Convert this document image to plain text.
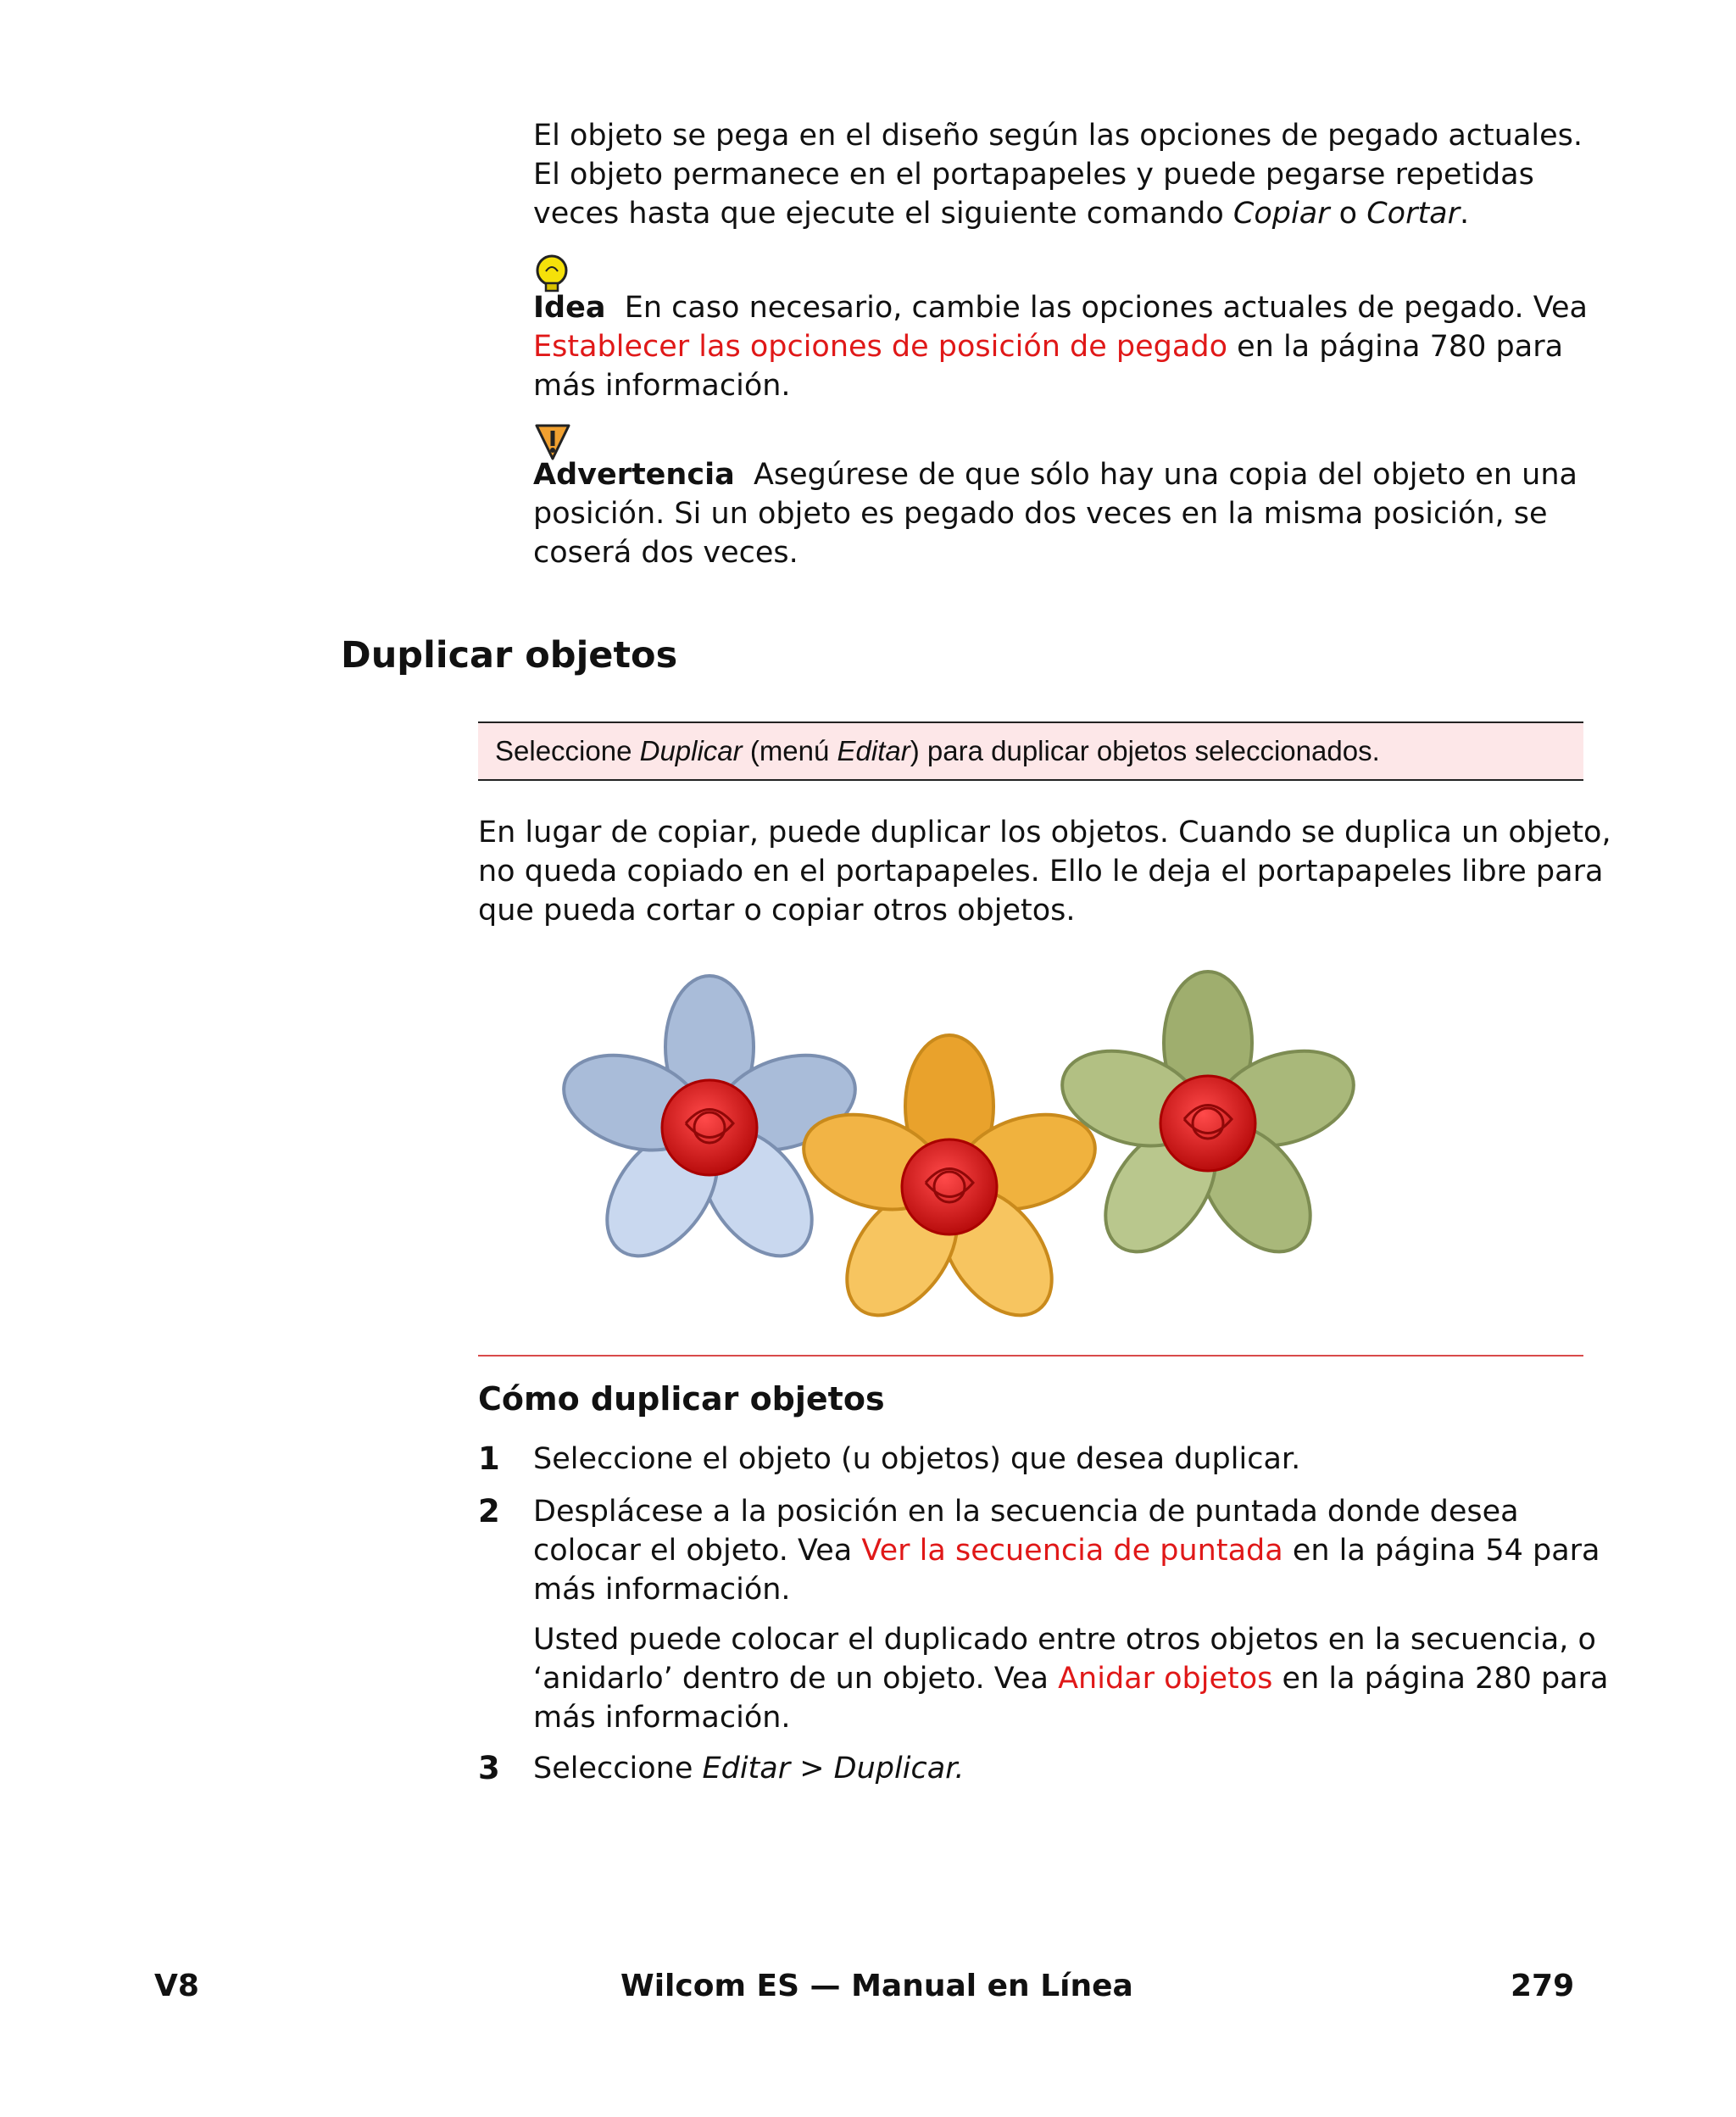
El objeto se pega en el diseño según las opciones de pegado actuales.

El objeto permanece en el portapapeles y puede pegarse repetidas

veces hasta que ejecute el siguiente comando Copiar o Cortar.

Idea En caso necesario, cambie las opciones actuales de pegado. Vea

Establecer las opciones de posición de pegado en la página 780 para

más información.

Advertencia Asegúrese de que sólo hay una copia del objeto en una

posición. Si un objeto es pegado dos veces en la misma posición, se

coserá dos veces.

Duplicar objetos
Seleccione Duplicar (menú Editar) para duplicar objetos seleccionados.

En lugar de copiar, puede duplicar los objetos. Cuando se duplica un objeto,

no queda copiado en el portapapeles. Ello le deja el portapapeles libre para

que pueda cortar o copiar otros objetos.

Cómo duplicar objetos
1 Seleccione el objeto (u objetos) que desea duplicar.

2 Desplácese a la posición en la secuencia de puntada donde desea

colocar el objeto. Vea Ver la secuencia de puntada en la página 54 para

más información.

Usted puede colocar el duplicado entre otros objetos en la secuencia, o

‘anidarlo’ dentro de un objeto. Vea Anidar objetos en la página 280 para

más información.

3 Seleccione Editar > Duplicar.

V8	Wilcom ES — Manual en Línea	279
